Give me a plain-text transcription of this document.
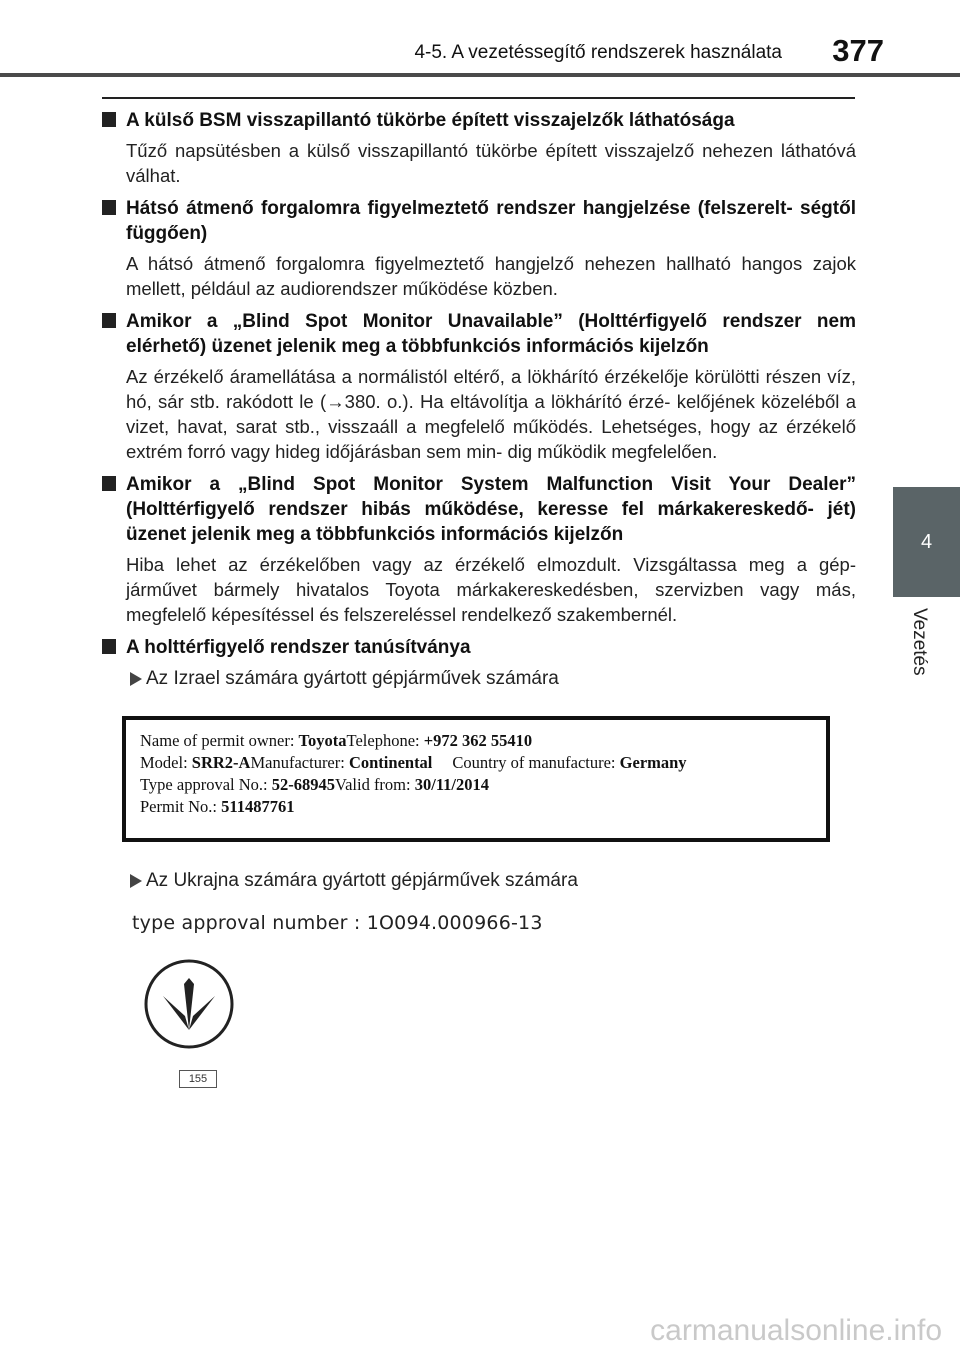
4-5. A vezetéssegítő rendszerek használata 377
4
Vezetés
A külső BSM visszapillantó tükörbe épített visszajelzők láthatósága
Tűző napsütésben a külső visszapillantó tükörbe épített visszajelző nehezen láthatóvá válhat.
Hátsó átmenő forgalomra figyelmeztető rendszer hangjelzése (felszerelt- ségtől függően)
A hátsó átmenő forgalomra figyelmeztető hangjelző nehezen hallható hangos zajok mellett, például az audiorendszer működése közben.
Amikor a „Blind Spot Monitor Unavailable” (Holttérfigyelő rendszer nem elérhető) üzenet jelenik meg a többfunkciós információs kijelzőn
Az érzékelő áramellátása a normálistól eltérő, a lökhárító érzékelője körülötti részen víz, hó, sár stb. rakódott le (→380. o.). Ha eltávolítja a lökhárító érzé- kelőjének közeléből a vizet, havat, sarat stb., visszaáll a megfelelő működés. Lehetséges, hogy az érzékelő extrém forró vagy hideg időjárásban sem min- dig működik megfelelően.
Amikor a „Blind Spot Monitor System Malfunction Visit Your Dealer” (Holttérfigyelő rendszer hibás működése, keresse fel márkakereskedő- jét) üzenet jelenik meg a többfunkciós információs kijelzőn
Hiba lehet az érzékelőben vagy az érzékelő elmozdult. Vizsgáltassa meg a gép- járművet bármely hivatalos Toyota márkakereskedésben, szervizben vagy más, megfelelő képesítéssel és felszereléssel rendelkező szakembernél.
A holttérfigyelő rendszer tanúsítványa
Az Izrael számára gyártott gépjárművek számára
Name of permit owner: ToyotaTelephone: +972 362 55410
Model: SRR2-AManufacturer: Continental Country of manufacture: Germany
Type approval No.: 52-68945Valid from: 30/11/2014
Permit No.: 511487761
Az Ukrajna számára gyártott gépjárművek számára
type approval number : 1O094.000966-13
155
carmanualsonline.info
